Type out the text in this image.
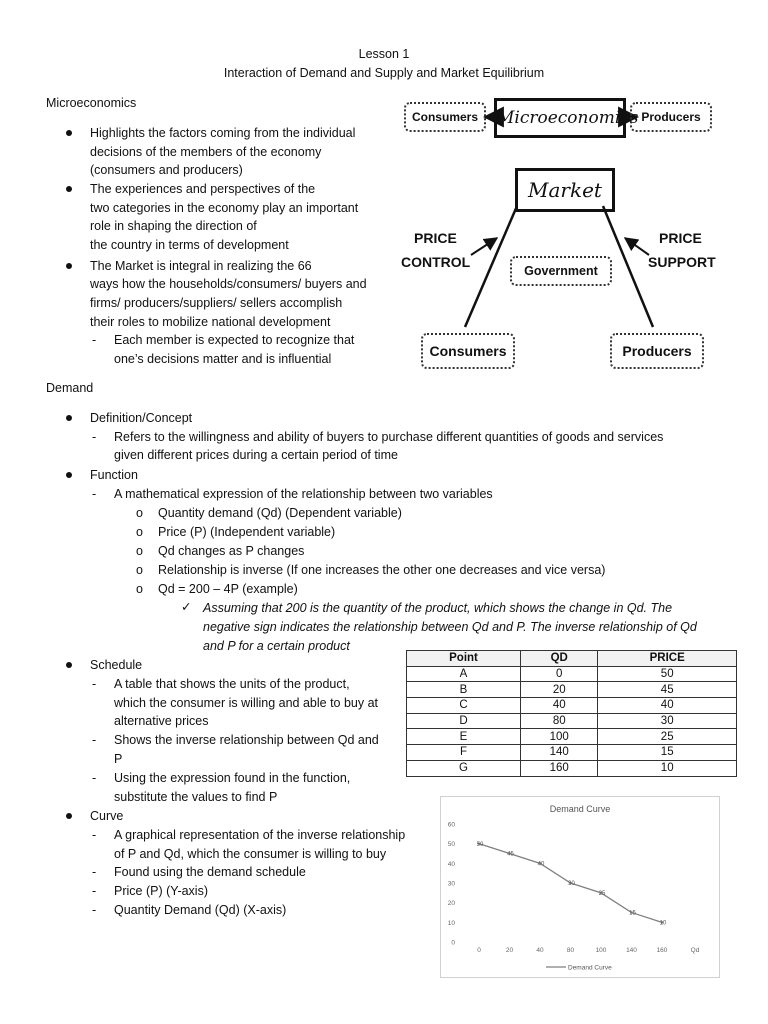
Lesson 1
Interaction of Demand and Supply and Market Equilibrium
Microeconomics
Highlights the factors coming from the individual
decisions of the members of the economy
(consumers and producers)
The experiences and perspectives of the
two categories in the economy play an important
role in shaping the direction of
the country in terms of development
The Market is integral in realizing the 66
ways how the households/consumers/ buyers and
firms/ producers/suppliers/ sellers accomplish
their roles to mobilize national development
- Each member is expected to recognize that
one’s decisions matter and is influential
Consumers	Microeconomics Producers
Market
PRICE
CONTROL
PRICE
SUPPORT
Government
Consumers	Producers
Demand
Definition/Concept
- Refers to the willingness and ability of buyers to purchase different quantities of goods and services
given different prices during a certain period of time
Function
- A mathematical expression of the relationship between two variables
o Quantity demand (Qd) (Dependent variable)
o Price (P) (Independent variable)
o Qd changes as P changes
o Relationship is inverse (If one increases the other one decreases and vice versa)
o Qd = 200 – 4P (example)
✓ Assuming that 200 is the quantity of the product, which shows the change in Qd. The
negative sign indicates the relationship between Qd and P. The inverse relationship of Qd
and P for a certain product
Schedule
- A table that shows the units of the product,
which the consumer is willing and able to buy at
alternative prices
- Shows the inverse relationship between Qd and
P
- Using the expression found in the function,
substitute the values to find P
Point	QD	PRICE
A	0	50
B	20	45
C	40	40
D	80	30
E	100	25
F	140	15
G	160	10
Curve
- A graphical representation of the inverse relationship
of P and Qd, which the consumer is willing to buy
- Found using the demand schedule
- Price (P) (Y-axis)
- Quantity Demand (Qd) (X-axis)
Demand Curve
0
10
20
30
40
50
60
0	20	40	80	100	140	160	Qd
50
45
40
30
25
15
10
Demand Curve
